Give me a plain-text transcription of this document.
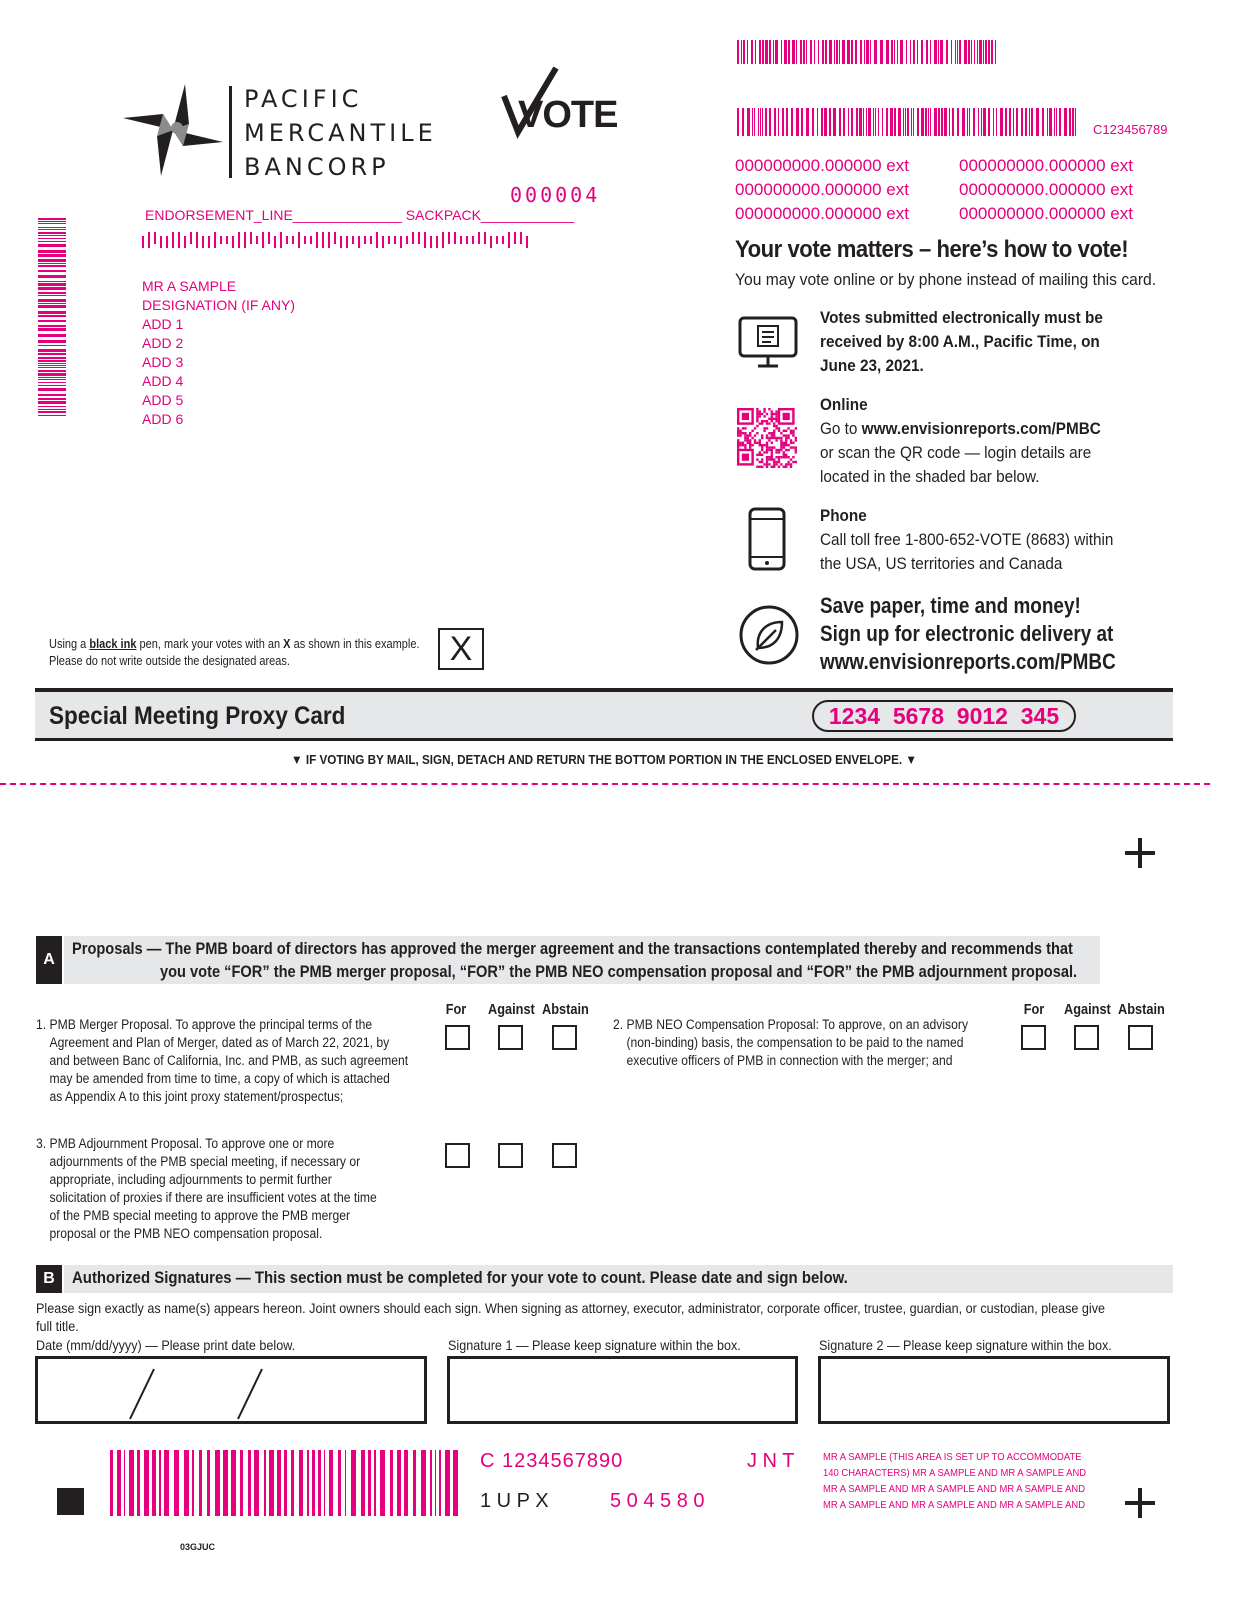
C123456789
PACIFIC
MERCANTILE
BANCORP
VOTE
000004
ENDORSEMENT_LINE______________ SACKPACK____________
MR A SAMPLE
DESIGNATION (IF ANY)
ADD 1
ADD 2
ADD 3
ADD 4
ADD 5
ADD 6
000000000.000000 ext	000000000.000000 ext
000000000.000000 ext	000000000.000000 ext
000000000.000000 ext	000000000.000000 ext
Your vote matters – here’s how to vote!
You may vote online or by phone instead of mailing this card.
Votes submitted electronically must be
received by 8:00 A.M., Pacific Time, on
June 23, 2021.
Online
Go to www.envisionreports.com/PMBC
or scan the QR code — login details are
located in the shaded bar below.
Phone
Call toll free 1-800-652-VOTE (8683) within
the USA, US territories and Canada
Save paper, time and money!
Sign up for electronic delivery at
www.envisionreports.com/PMBC
Using a black ink pen, mark your votes with an X as shown in this example.
Please do not write outside the designated areas.	X
Special Meeting Proxy Card	1234  5678  9012  345
▼ IF VOTING BY MAIL, SIGN, DETACH AND RETURN THE BOTTOM PORTION IN THE ENCLOSED ENVELOPE. ▼
A
Proposals — The PMB board of directors has approved the merger agreement and the transactions contemplated thereby and recommends that
you vote “FOR” the PMB merger proposal, “FOR” the PMB NEO compensation proposal and “FOR” the PMB adjournment proposal.
For	Against Abstain	For	Against Abstain
1. PMB Merger Proposal. To approve the principal terms of the
Agreement and Plan of Merger, dated as of March 22, 2021, by
and between Banc of California, Inc. and PMB, as such agreement
may be amended from time to time, a copy of which is attached
as Appendix A to this joint proxy statement/prospectus;
2. PMB NEO Compensation Proposal: To approve, on an advisory
(non-binding) basis, the compensation to be paid to the named
executive officers of PMB in connection with the merger; and
3. PMB Adjournment Proposal. To approve one or more
adjournments of the PMB special meeting, if necessary or
appropriate, including adjournments to permit further
solicitation of proxies if there are insufficient votes at the time
of the PMB special meeting to approve the PMB merger
proposal or the PMB NEO compensation proposal.
B	Authorized Signatures — This section must be completed for your vote to count. Please date and sign below.
Please sign exactly as name(s) appears hereon. Joint owners should each sign. When signing as attorney, executor, administrator, corporate officer, trustee, guardian, or custodian, please give
full title.
Date (mm/dd/yyyy) — Please print date below.	Signature 1 — Please keep signature within the box.	Signature 2 — Please keep signature within the box.
C 1234567890	J N T
1 U P X	5 0 4 5 8 0
MR A SAMPLE (THIS AREA IS SET UP TO ACCOMMODATE
140 CHARACTERS) MR A SAMPLE AND MR A SAMPLE AND
MR A SAMPLE AND MR A SAMPLE AND MR A SAMPLE AND
MR A SAMPLE AND MR A SAMPLE AND MR A SAMPLE AND
03GJUC
